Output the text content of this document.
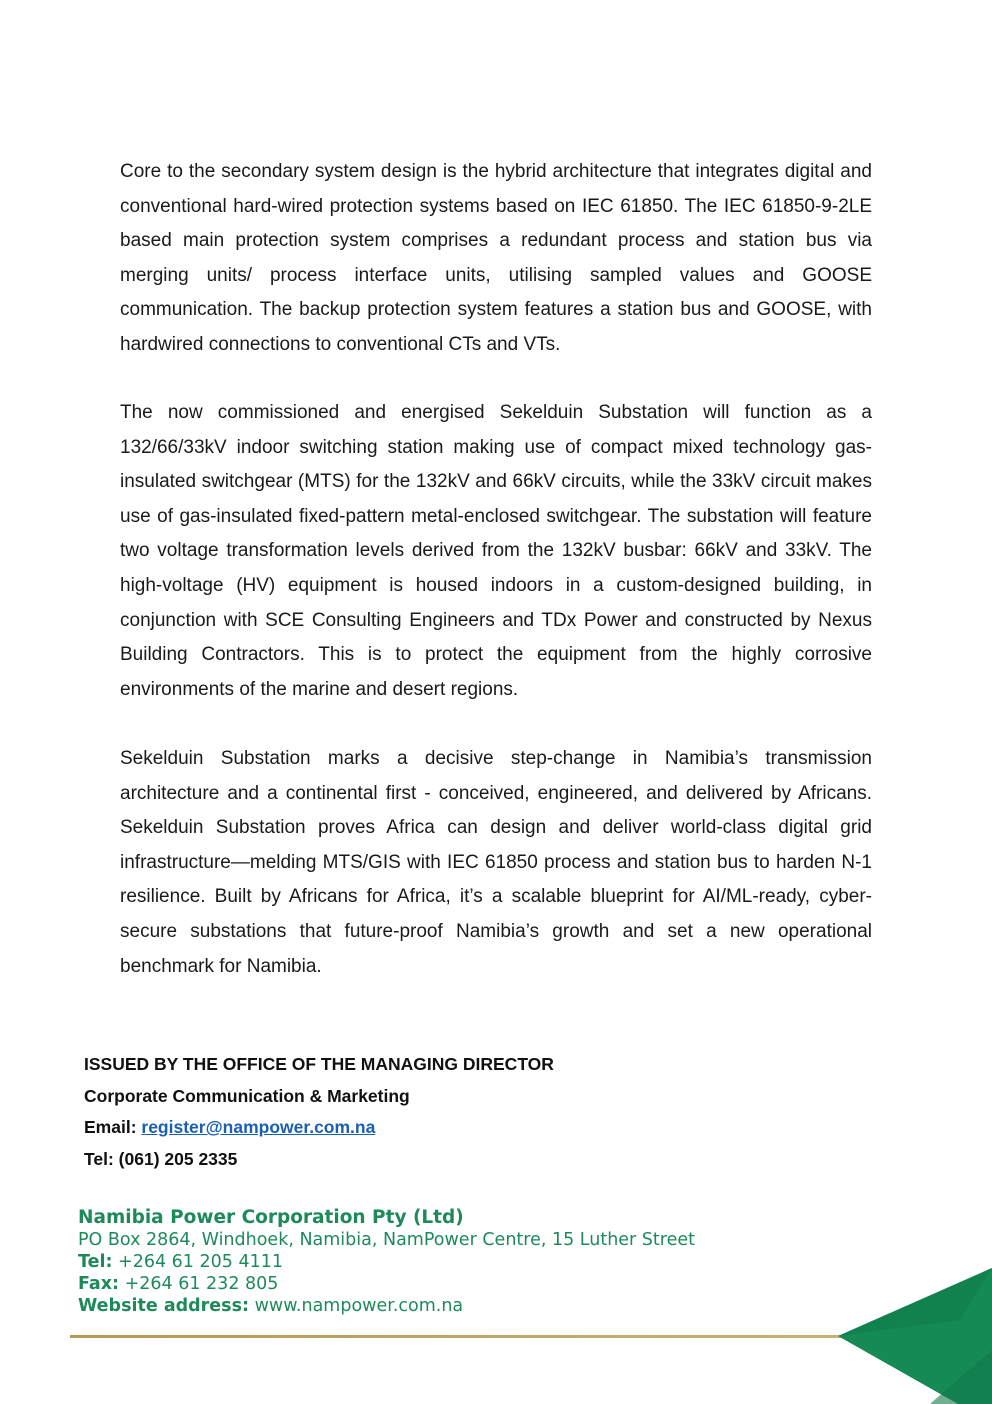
Core to the secondary system design is the hybrid architecture that integrates digital and conventional hard-wired protection systems based on IEC 61850. The IEC 61850-9-2LE based main protection system comprises a redundant process and station bus via merging units/ process interface units, utilising sampled values and GOOSE communication. The backup protection system features a station bus and GOOSE, with hardwired connections to conventional CTs and VTs.

The now commissioned and energised Sekelduin Substation will function as a 132/66/33kV indoor switching station making use of compact mixed technology gas-insulated switchgear (MTS) for the 132kV and 66kV circuits, while the 33kV circuit makes use of gas-insulated fixed-pattern metal-enclosed switchgear. The substation will feature two voltage transformation levels derived from the 132kV busbar: 66kV and 33kV. The high-voltage (HV) equipment is housed indoors in a custom-designed building, in conjunction with SCE Consulting Engineers and TDx Power and constructed by Nexus Building Contractors. This is to protect the equipment from the highly corrosive environments of the marine and desert regions.

Sekelduin Substation marks a decisive step-change in Namibia’s transmission architecture and a continental first - conceived, engineered, and delivered by Africans. Sekelduin Substation proves Africa can design and deliver world-class digital grid infrastructure—melding MTS/GIS with IEC 61850 process and station bus to harden N-1 resilience. Built by Africans for Africa, it’s a scalable blueprint for AI/ML-ready, cyber-secure substations that future-proof Namibia’s growth and set a new operational benchmark for Namibia.

ISSUED BY THE OFFICE OF THE MANAGING DIRECTOR
Corporate Communication & Marketing
Email: register@nampower.com.na
Tel: (061) 205 2335
Namibia Power Corporation Pty (Ltd)
PO Box 2864, Windhoek, Namibia, NamPower Centre, 15 Luther Street
Tel: +264 61 205 4111
Fax: +264 61 232 805
Website address: www.nampower.com.na
